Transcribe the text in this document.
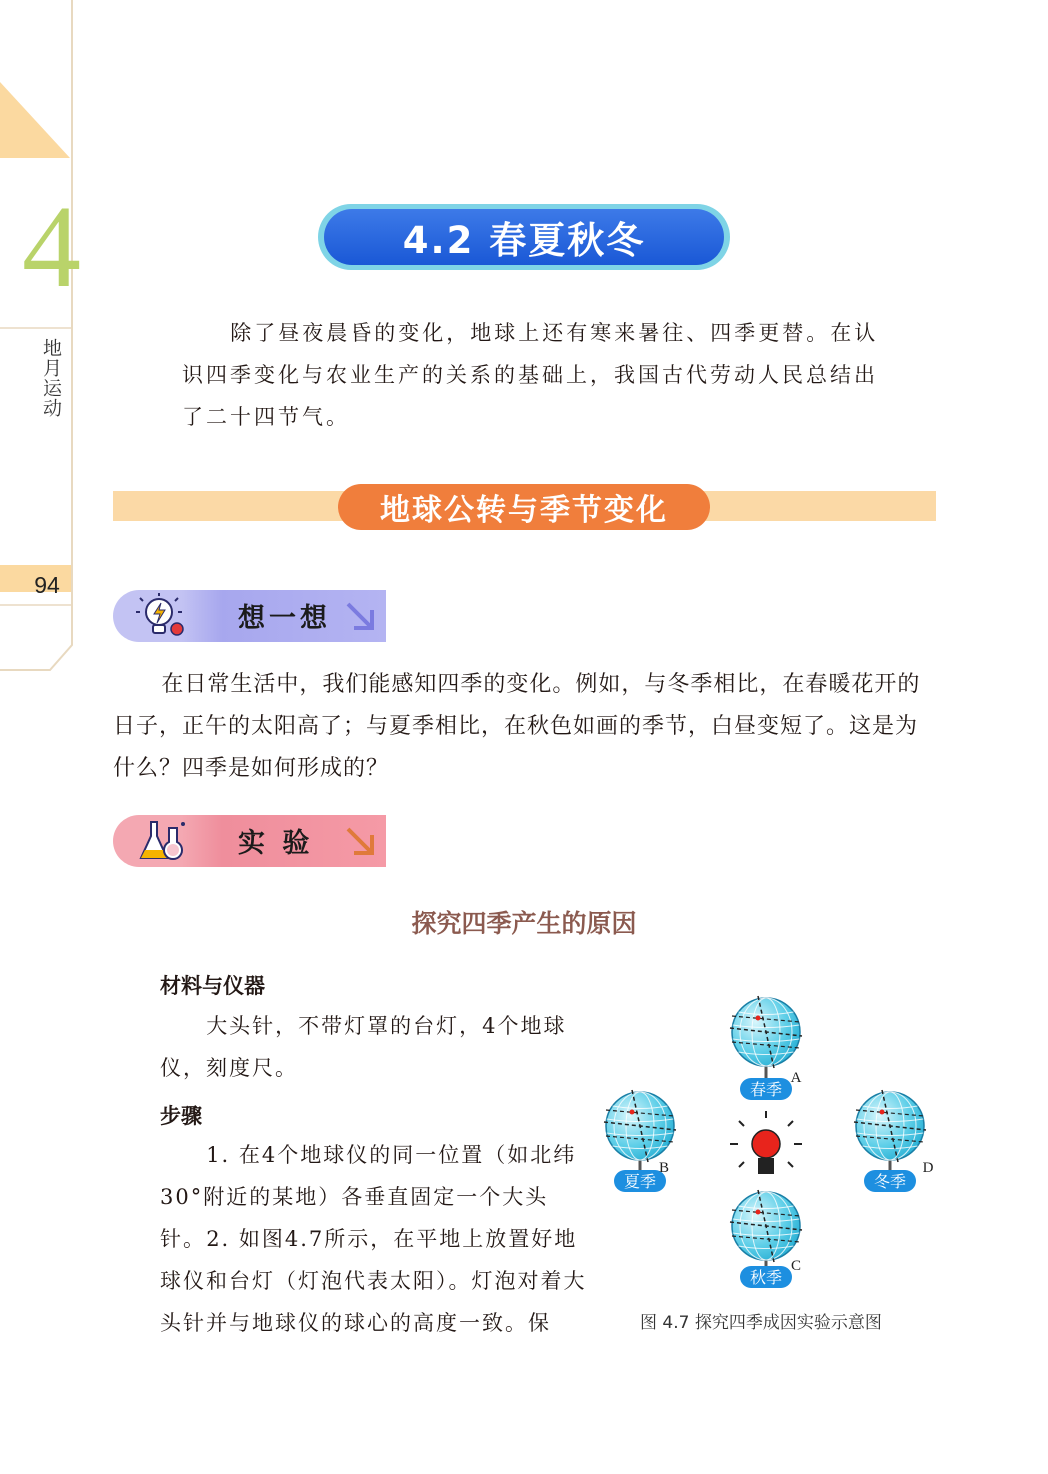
4
地月运动
94
4.2 春夏秋冬

除了昼夜晨昏的变化，地球上还有寒来暑往、四季更替。在认识四季变化与农业生产的关系的基础上，我国古代劳动人民总结出了二十四节气。

地球公转与季节变化
想一想

在日常生活中，我们能感知四季的变化。例如，与冬季相比，在春暖花开的日子，正午的太阳高了；与夏季相比，在秋色如画的季节，白昼变短了。这是为什么？四季是如何形成的？

实 验
探究四季产生的原因
材料与仪器

大头针，不带灯罩的台灯，4个地球仪，刻度尺。

步骤

1. 在4个地球仪的同一位置（如北纬30°附近的某地）各垂直固定一个大头针。 2. 如图4.7所示，在平地上放置好地球仪和台灯（灯泡代表太阳）。灯泡对着大头针并与地球仪的球心的高度一致。保

春季
A
夏季
B
秋季
C
冬季
D
图 4.7 探究四季成因实验示意图
